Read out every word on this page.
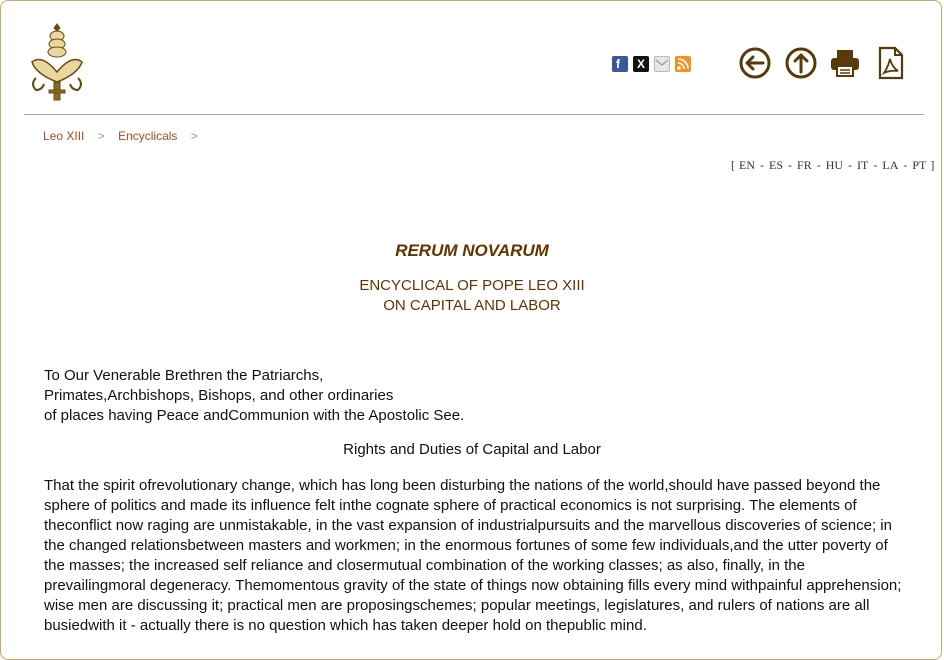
f X
Leo XIII > Encyclicals >
[ EN - ES - FR - HU - IT - LA - PT ]
RERUM NOVARUM
ENCYCLICAL OF POPE LEO XIII
ON CAPITAL AND LABOR
To Our Venerable Brethren the Patriarchs,
Primates,Archbishops, Bishops, and other ordinaries
of places having Peace andCommunion with the Apostolic See.
Rights and Duties of Capital and Labor

That the spirit ofrevolutionary change, which has long been disturbing the nations of the world,should have passed beyond the sphere of politics and made its influence felt inthe cognate sphere of practical economics is not surprising. The elements of theconflict now raging are unmistakable, in the vast expansion of industrialpursuits and the marvellous discoveries of science; in the changed relationsbetween masters and workmen; in the enormous fortunes of some few individuals,and the utter poverty of the masses; the increased self reliance and closermutual combination of the working classes; as also, finally, in the prevailingmoral degeneracy. Themomentous gravity of the state of things now obtaining fills every mind withpainful apprehension; wise men are discussing it; practical men are proposingschemes; popular meetings, legislatures, and rulers of nations are all busiedwith it - actually there is no question which has taken deeper hold on thepublic mind.
